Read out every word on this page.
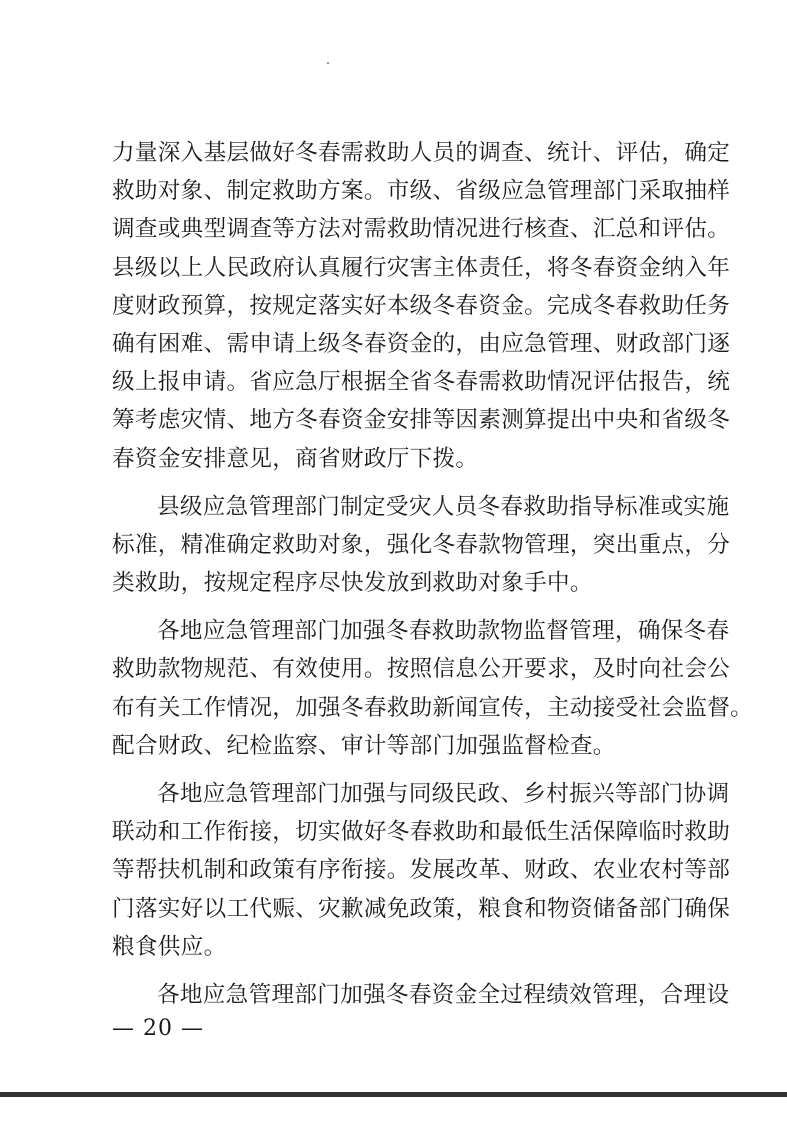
力量深入基层做好冬春需救助人员的调查、统计、评估，确定
救助对象、制定救助方案。市级、省级应急管理部门采取抽样
调查或典型调查等方法对需救助情况进行核查、汇总和评估。
县级以上人民政府认真履行灾害主体责任，将冬春资金纳入年
度财政预算，按规定落实好本级冬春资金。完成冬春救助任务
确有困难、需申请上级冬春资金的，由应急管理、财政部门逐
级上报申请。省应急厅根据全省冬春需救助情况评估报告，统
筹考虑灾情、地方冬春资金安排等因素测算提出中央和省级冬
春资金安排意见，商省财政厅下拨。
县级应急管理部门制定受灾人员冬春救助指导标准或实施
标准，精准确定救助对象，强化冬春款物管理，突出重点，分
类救助，按规定程序尽快发放到救助对象手中。
各地应急管理部门加强冬春救助款物监督管理，确保冬春
救助款物规范、有效使用。按照信息公开要求，及时向社会公
布有关工作情况，加强冬春救助新闻宣传，主动接受社会监督。
配合财政、纪检监察、审计等部门加强监督检查。
各地应急管理部门加强与同级民政、乡村振兴等部门协调
联动和工作衔接，切实做好冬春救助和最低生活保障临时救助
等帮扶机制和政策有序衔接。发展改革、财政、农业农村等部
门落实好以工代赈、灾歉减免政策，粮食和物资储备部门确保
粮食供应。
各地应急管理部门加强冬春资金全过程绩效管理，合理设
— 20 —
